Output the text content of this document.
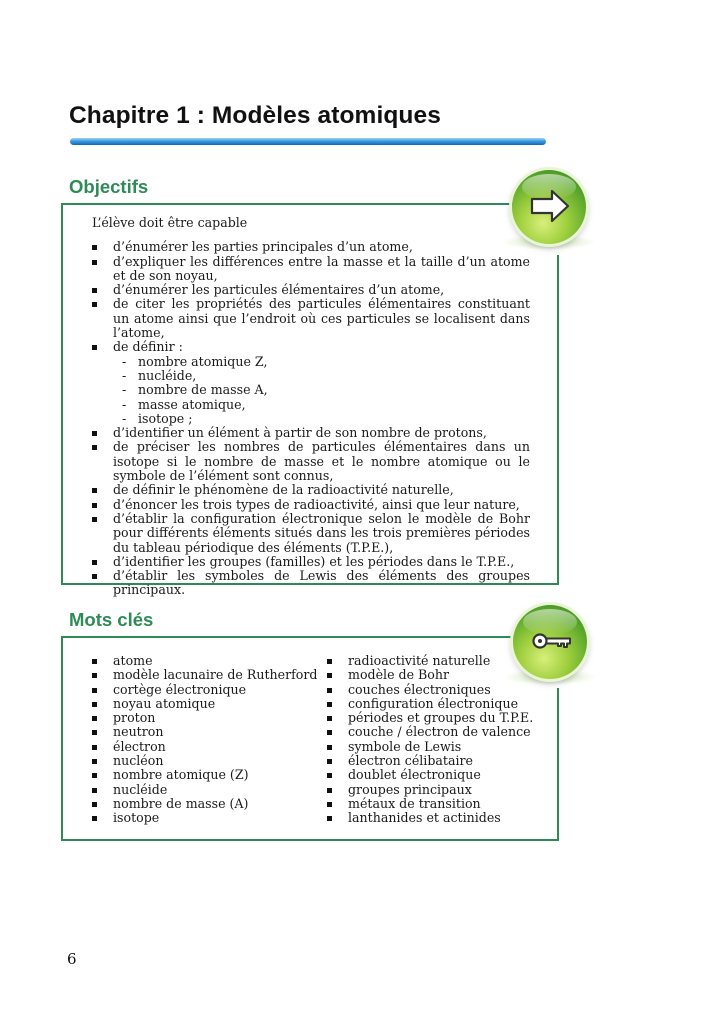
Chapitre 1 : Modèles atomiques
Objectifs

L’élève doit être capable

d’énumérer les parties principales d’un atome,
d’expliquer les différences entre la masse et la taille d’un atome et de son noyau,
d’énumérer les particules élémentaires d’un atome,
de citer les propriétés des particules élémentaires constituant un atome ainsi que l’endroit où ces particules se localisent dans l’atome,
de définir :
- nombre atomique Z,
- nucléide,
- nombre de masse A,
- masse atomique,
- isotope ;
d’identifier un élément à partir de son nombre de protons,
de préciser les nombres de particules élémentaires dans un isotope si le nombre de masse et le nombre atomique ou le symbole de l’élément sont connus,
de définir le phénomène de la radioactivité naturelle,
d’énoncer les trois types de radioactivité, ainsi que leur nature,
d’établir la configuration électronique selon le modèle de Bohr pour différents éléments situés dans les trois premières périodes du tableau périodique des éléments (T.P.E.),
d’identifier les groupes (familles) et les périodes dans le T.P.E.,
d’établir les symboles de Lewis des éléments des groupes principaux.
Mots clés
atome
modèle lacunaire de Rutherford
cortège électronique
noyau atomique
proton
neutron
électron
nucléon
nombre atomique (Z)
nucléide
nombre de masse (A)
isotope
radioactivité naturelle
modèle de Bohr
couches électroniques
configuration électronique
périodes et groupes du T.P.E.
couche / électron de valence
symbole de Lewis
électron célibataire
doublet électronique
groupes principaux
métaux de transition
lanthanides et actinides
6
